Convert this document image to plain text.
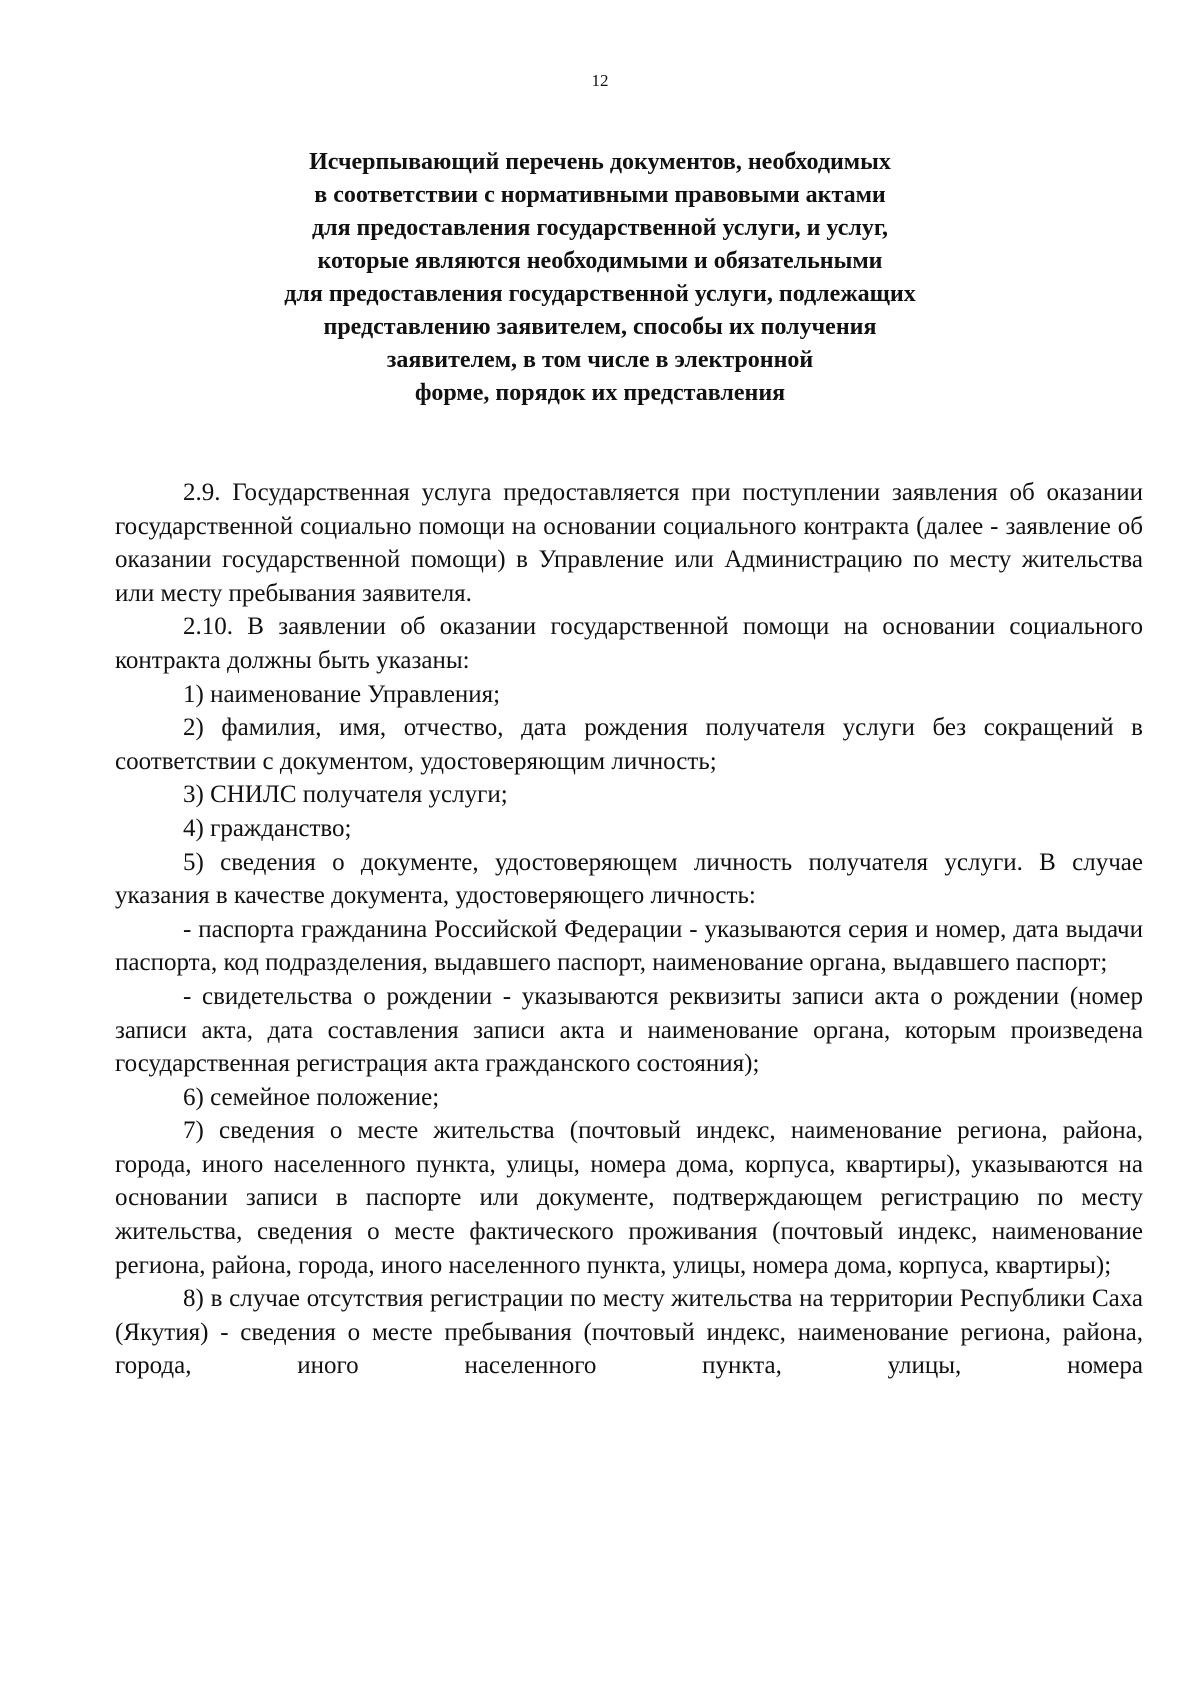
12
Исчерпывающий перечень документов, необходимых
в соответствии с нормативными правовыми актами
для предоставления государственной услуги, и услуг,
которые являются необходимыми и обязательными
для предоставления государственной услуги, подлежащих
представлению заявителем, способы их получения
заявителем, в том числе в электронной
форме, порядок их представления

2.9. Государственная услуга предоставляется при поступлении заявления об оказании государственной социально помощи на основании социального контракта (далее - заявление об оказании государственной помощи) в Управление или Администрацию по месту жительства или месту пребывания заявителя.

2.10. В заявлении об оказании государственной помощи на основании социального контракта должны быть указаны:

1) наименование Управления;

2) фамилия, имя, отчество, дата рождения получателя услуги без сокращений в соответствии с документом, удостоверяющим личность;

3) СНИЛС получателя услуги;

4) гражданство;

5) сведения о документе, удостоверяющем личность получателя услуги. В случае указания в качестве документа, удостоверяющего личность:

- паспорта гражданина Российской Федерации - указываются серия и номер, дата выдачи паспорта, код подразделения, выдавшего паспорт, наименование органа, выдавшего паспорт;

- свидетельства о рождении - указываются реквизиты записи акта о рождении (номер записи акта, дата составления записи акта и наименование органа, которым произведена государственная регистрация акта гражданского состояния);

6) семейное положение;

7) сведения о месте жительства (почтовый индекс, наименование региона, района, города, иного населенного пункта, улицы, номера дома, корпуса, квартиры), указываются на основании записи в паспорте или документе, подтверждающем регистрацию по месту жительства, сведения о месте фактического проживания (почтовый индекс, наименование региона, района, города, иного населенного пункта, улицы, номера дома, корпуса, квартиры);

8) в случае отсутствия регистрации по месту жительства на территории Республики Саха (Якутия) - сведения о месте пребывания (почтовый индекс, наименование региона, района, города, иного населенного пункта, улицы, номера
